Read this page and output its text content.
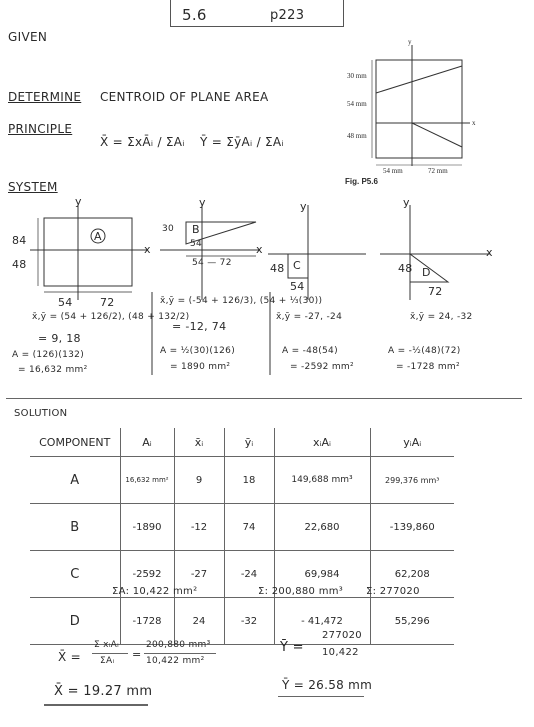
5.6	p223
GIVEN
30 mm
54 mm
48 mm
54 mm	72 mm
y
x
Fig. P5.6
DETERMINE CENTROID OF PLANE AREA
PRINCIPLE
X̄ = ΣxĀᵢ / ΣAᵢ Ȳ = ΣȳAᵢ / ΣAᵢ
SYSTEM
84
48
54 72
A
y
x
x̄,ȳ = (54 + 126/2), (48 + 132/2)
= 9, 18
A = (126)(132)
= 16,632 mm²
30
54
54 — 72
B
y
x
x̄,ȳ = (-54 + 126/3), (54 + ⅓(30))
= -12, 74
A = ½(30)(126)
= 1890 mm²
48
54
C
y
x̄,ȳ = -27, -24
A = -48(54)
= -2592 mm²
48
72
D
y
x
x̄,ȳ = 24, -32
A = -½(48)(72)
= -1728 mm²
SOLUTION
COMPONENT	Aᵢ	x̄ᵢ	ȳᵢ	xᵢAᵢ	yᵢAᵢ
A	16,632 mm²	9	18	149,688 mm³	299,376 mm³
B	-1890	-12	74	22,680	-139,860
C	-2592	-27	-24	69,984	62,208
D	-1728	24	-32	- 41,472	55,296
ΣA: 10,422 mm²	Σ: 200,880 mm³ Σ: 277020
X̄ =
Σ xᵢAᵢ
ΣAᵢ =
200,880 mm³
10,422 mm²
X̄ = 19.27 mm
Ȳ =
277020
10,422
Ȳ = 26.58 mm
